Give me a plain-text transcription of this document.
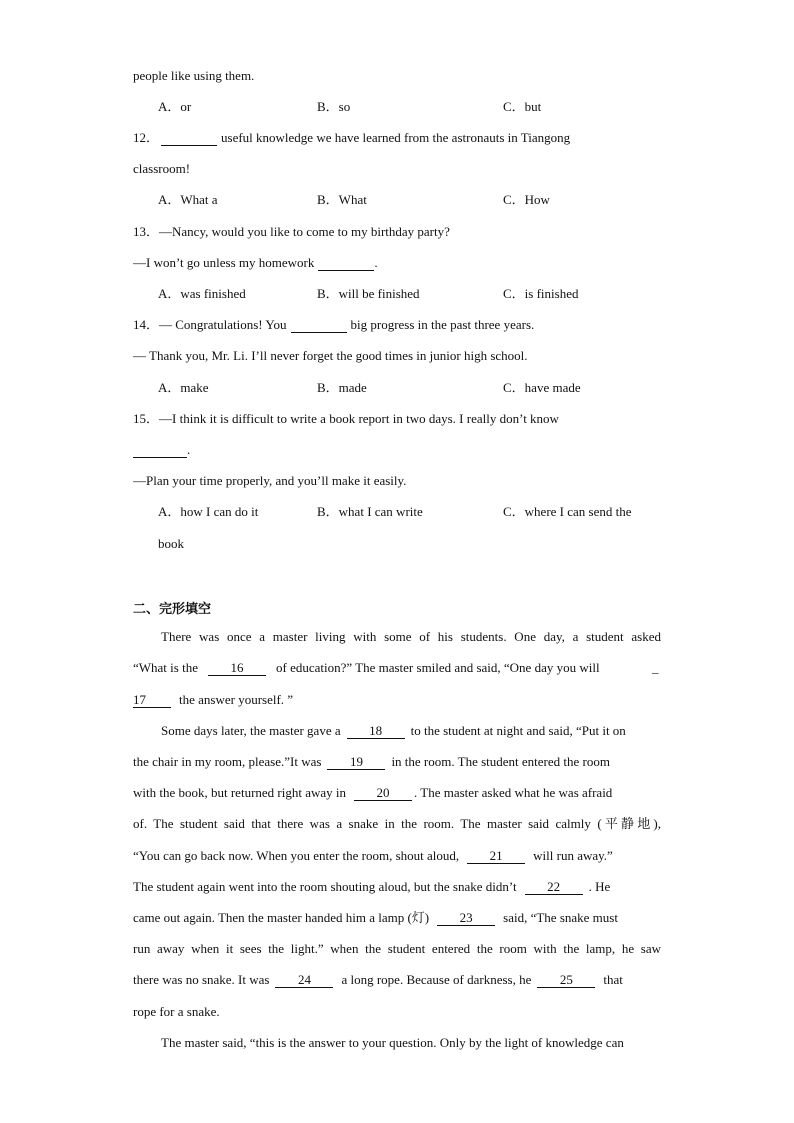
people like using them.
A．or	B．so	C．but
12．	useful knowledge we have learned from the astronauts in Tiangong
classroom!
A．What a	B．What	C．How
13．—Nancy, would you like to come to my birthday party?
—I won’t go unless my homework	.
A．was finished	B．will be finished	C．is finished
14．— Congratulations! You	big progress in the past three years.
— Thank you, Mr. Li. I’ll never forget the good times in junior high school.
A．make	B．made	C．have made
15．—I think it is difficult to write a book report in two days. I really don’t know
.
—Plan your time properly, and you’ll make it easily.
A．how I can do it	B．what I can write	C．where I can send the
book
二、完形填空
There was once a master living with some of his students. One day, a student asked
“What is the	16	of education?” The master smiled and said, “One day you will	_
17	the answer yourself. ”
Some days later, the master gave a 18 to the student at night and said, “Put it on
the chair in my room, please.”It was 19 in the room. The student entered the room
with the book, but returned right away in 20 . The master asked what he was afraid
of. The student said that there was a snake in the room. The master said calmly (平静地),
“You can go back now. When you enter the room, shout aloud, 21 will run away.”
The student again went into the room shouting aloud, but the snake didn’t 22 . He
came out again. Then the master handed him a lamp (灯) 23 said, “The snake must
run away when it sees the light.” when the student entered the room with the lamp, he saw
there was no snake. It was 24 a long rope. Because of darkness, he 25 that
rope for a snake.
The master said, “this is the answer to your question. Only by the light of knowledge can
